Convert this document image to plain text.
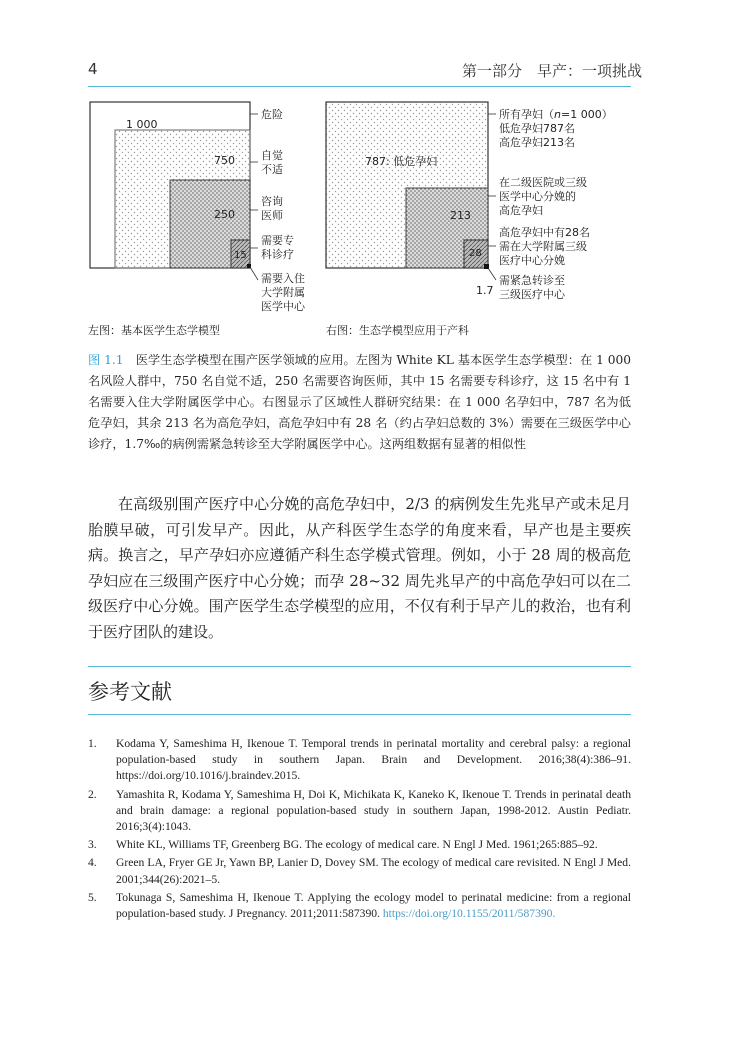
4	第一部分　早产：一项挑战
1 000
750
250
15
危险
自觉
不适
咨询
医师
需要专
科诊疗
需要入住
大学附属
医学中心
787: 低危孕妇
213
28
1.7
所有孕妇（n=1 000）
低危孕妇787名
高危孕妇213名
在二级医院或三级
医学中心分娩的
高危孕妇
高危孕妇中有28名
需在大学附属三级
医疗中心分娩
需紧急转诊至
三级医疗中心
左图：基本医学生态学模型	右图：生态学模型应用于产科
图 1.1　 医学生态学模型在围产医学领域的应用。左图为 White KL 基本医学生态学模型：在 1 000 名风险人群中，750 名自觉不适，250 名需要咨询医师，其中 15 名需要专科诊疗，这 15 名中有 1 名需要入住大学附属医学中心。右图显示了区域性人群研究结果：在 1 000 名孕妇中，787 名为低危孕妇，其余 213 名为高危孕妇，高危孕妇中有 28 名（约占孕妇总数的 3%）需要在三级医学中心诊疗，1.7‰的病例需紧急转诊至大学附属医学中心。这两组数据有显著的相似性
在高级别围产医疗中心分娩的高危孕妇中，2/3 的病例发生先兆早产或未足月胎膜早破，可引发早产。因此，从产科医学生态学的角度来看，早产也是主要疾病。换言之，早产孕妇亦应遵循产科生态学模式管理。例如，小于 28 周的极高危孕妇应在三级围产医疗中心分娩；而孕 28~32 周先兆早产的中高危孕妇可以在二级医疗中心分娩。围产医学生态学模型的应用，不仅有利于早产儿的救治，也有利于医疗团队的建设。
参考文献
1. Kodama Y, Sameshima H, Ikenoue T. Temporal trends in perinatal mortality and cerebral palsy: a regional population-based study in southern Japan. Brain and Development. 2016;38(4):386–91. https://doi.org/10.1016/j.braindev.2015.
2. Yamashita R, Kodama Y, Sameshima H, Doi K, Michikata K, Kaneko K, Ikenoue T. Trends in perinatal death and brain damage: a regional population-based study in southern Japan, 1998-2012. Austin Pediatr. 2016;3(4):1043.
3. White KL, Williams TF, Greenberg BG. The ecology of medical care. N Engl J Med. 1961;265:885–92.
4. Green LA, Fryer GE Jr, Yawn BP, Lanier D, Dovey SM. The ecology of medical care revisited. N Engl J Med. 2001;344(26):2021–5.
5. Tokunaga S, Sameshima H, Ikenoue T. Applying the ecology model to perinatal medicine: from a regional population-based study. J Pregnancy. 2011;2011:587390. https://doi.org/10.1155/2011/587390.
